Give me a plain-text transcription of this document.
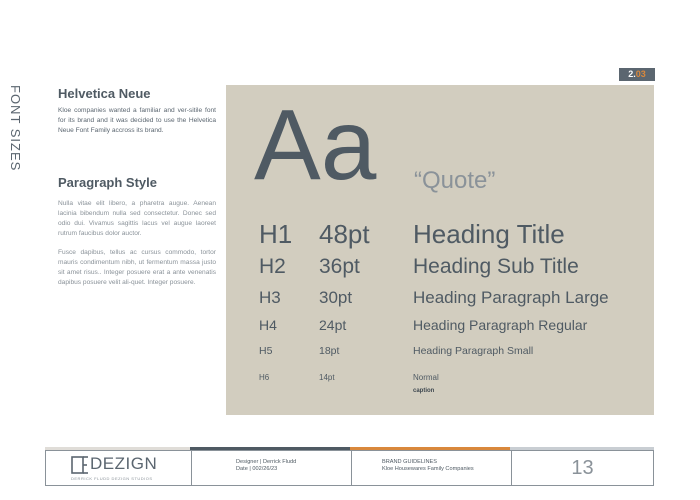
FONT SIZES
2.03
Helvetica Neue

Kloe companies wanted a familiar and ver-sitile font for its brand and it was decided to use the Helvetica Neue Font Family accross its brand.

Paragraph Style

Nulla vitae elit libero, a pharetra augue. Aenean lacinia bibendum nulla sed consectetur. Donec sed odio dui. Vivamus sagittis lacus vel augue laoreet rutrum faucibus dolor auctor.

Fusce dapibus, tellus ac cursus commodo, tortor mauris condimentum nibh, ut fermentum massa justo sit amet risus.. Integer posuere erat a ante venenatis dapibus posuere velit ali-quet. Integer posuere.

Aa “Quote”
H1 48pt Heading Title
H2 36pt	Heading Sub Title
H3 30pt	Heading Paragraph Large
H4	24pt	Heading Paragraph Regular
H5	18pt	Heading Paragraph Small
H6	14pt	Normal
caption
DEZIGN
DERRICK FLUDD DEZIGN STUDIOS
Designer | Derrick Fludd
Date | 002/26/23
BRAND GUIDELINES
Kloe Housewares Family Companies	13
